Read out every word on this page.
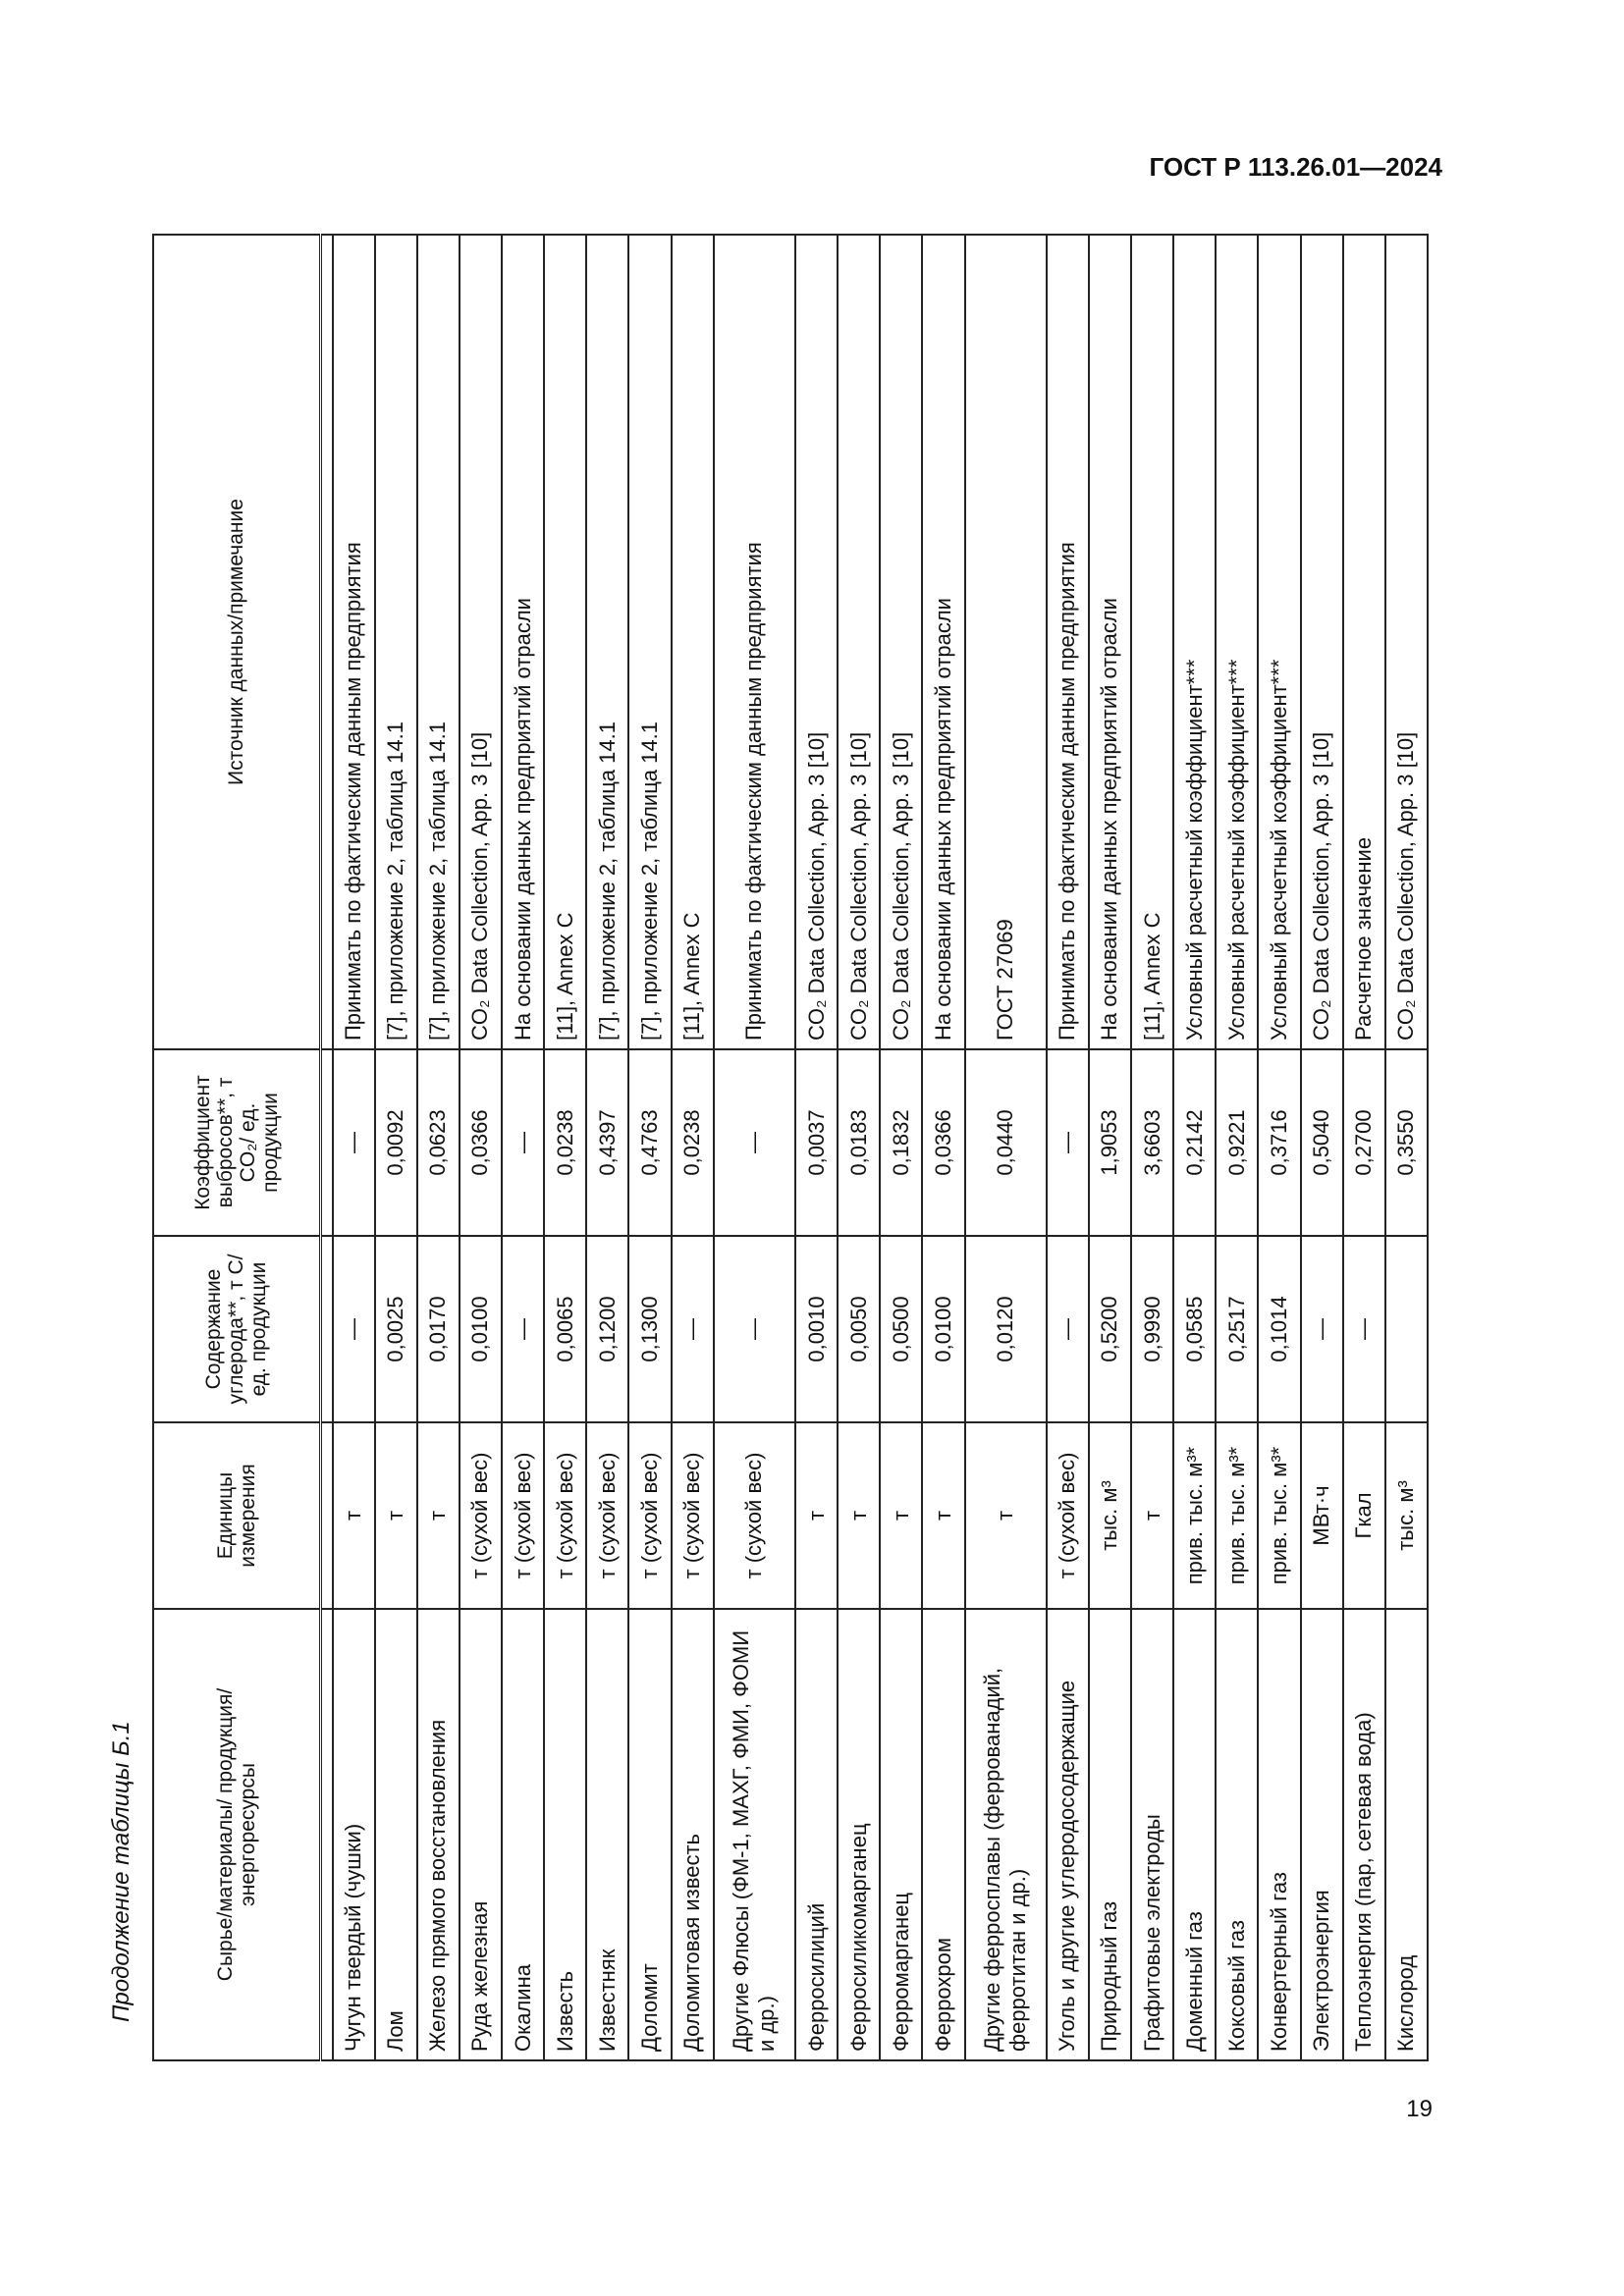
ГОСТ Р 113.26.01—2024
Продолжение таблицы Б.1	Сырье/материалы/ продукция/энергоресурсы	Единицы измерения	Содержание углерода**, т С/ ед. продукции	Коэффициент выбросов**, т CO₂/ ед. продукции	Источник данных/примечание

Чугун твердый (чушки)	т	—	—	Принимать по фактическим данным предприятия
Лом	т	0,0025	0,0092	[7], приложение 2, таблица 14.1
Железо прямого восстановления	т	0,0170	0,0623	[7], приложение 2, таблица 14.1
Руда железная	т (сухой вес)	0,0100	0,0366	CO₂ Data Collection, App. 3 [10]
Окалина	т (сухой вес)	—	—	На основании данных предприятий отрасли
Известь	т (сухой вес)	0,0065	0,0238	[11], Annex C
Известняк	т (сухой вес)	0,1200	0,4397	[7], приложение 2, таблица 14.1
Доломит	т (сухой вес)	0,1300	0,4763	[7], приложение 2, таблица 14.1
Доломитовая известь	т (сухой вес)	—	0,0238	[11], Annex C
Другие Флюсы (ФМ-1, МАХГ, ФМИ, ФОМИ и др.)	т (сухой вес)	—	—	Принимать по фактическим данным предприятия
Ферросилиций	т	0,0010	0,0037	CO₂ Data Collection, App. 3 [10]
Ферросиликомарганец	т	0,0050	0,0183	CO₂ Data Collection, App. 3 [10]
Ферромарганец	т	0,0500	0,1832	CO₂ Data Collection, App. 3 [10]
Феррохром	т	0,0100	0,0366	На основании данных предприятий отрасли
Другие ферросплавы (феррованадий, ферротитан и др.)	т	0,0120	0,0440	ГОСТ 27069
Уголь и другие углеродосодержащие	т (сухой вес)	—	—	Принимать по фактическим данным предприятия
Природный газ	тыс. м³	0,5200	1,9053	На основании данных предприятий отрасли
Графитовые электроды	т	0,9990	3,6603	[11], Annex C
Доменный газ	прив. тыс. м³*	0,0585	0,2142	Условный расчетный коэффициент***
Коксовый газ	прив. тыс. м³*	0,2517	0,9221	Условный расчетный коэффициент***
Конвертерный газ	прив. тыс. м³*	0,1014	0,3716	Условный расчетный коэффициент***
Электроэнергия	МВт·ч	—	0,5040	CO₂ Data Collection, App. 3 [10]
Теплоэнергия (пар, сетевая вода)	Гкал	—	0,2700	Расчетное значение
Кислород	тыс. м³		0,3550	CO₂ Data Collection, App. 3 [10]
19
